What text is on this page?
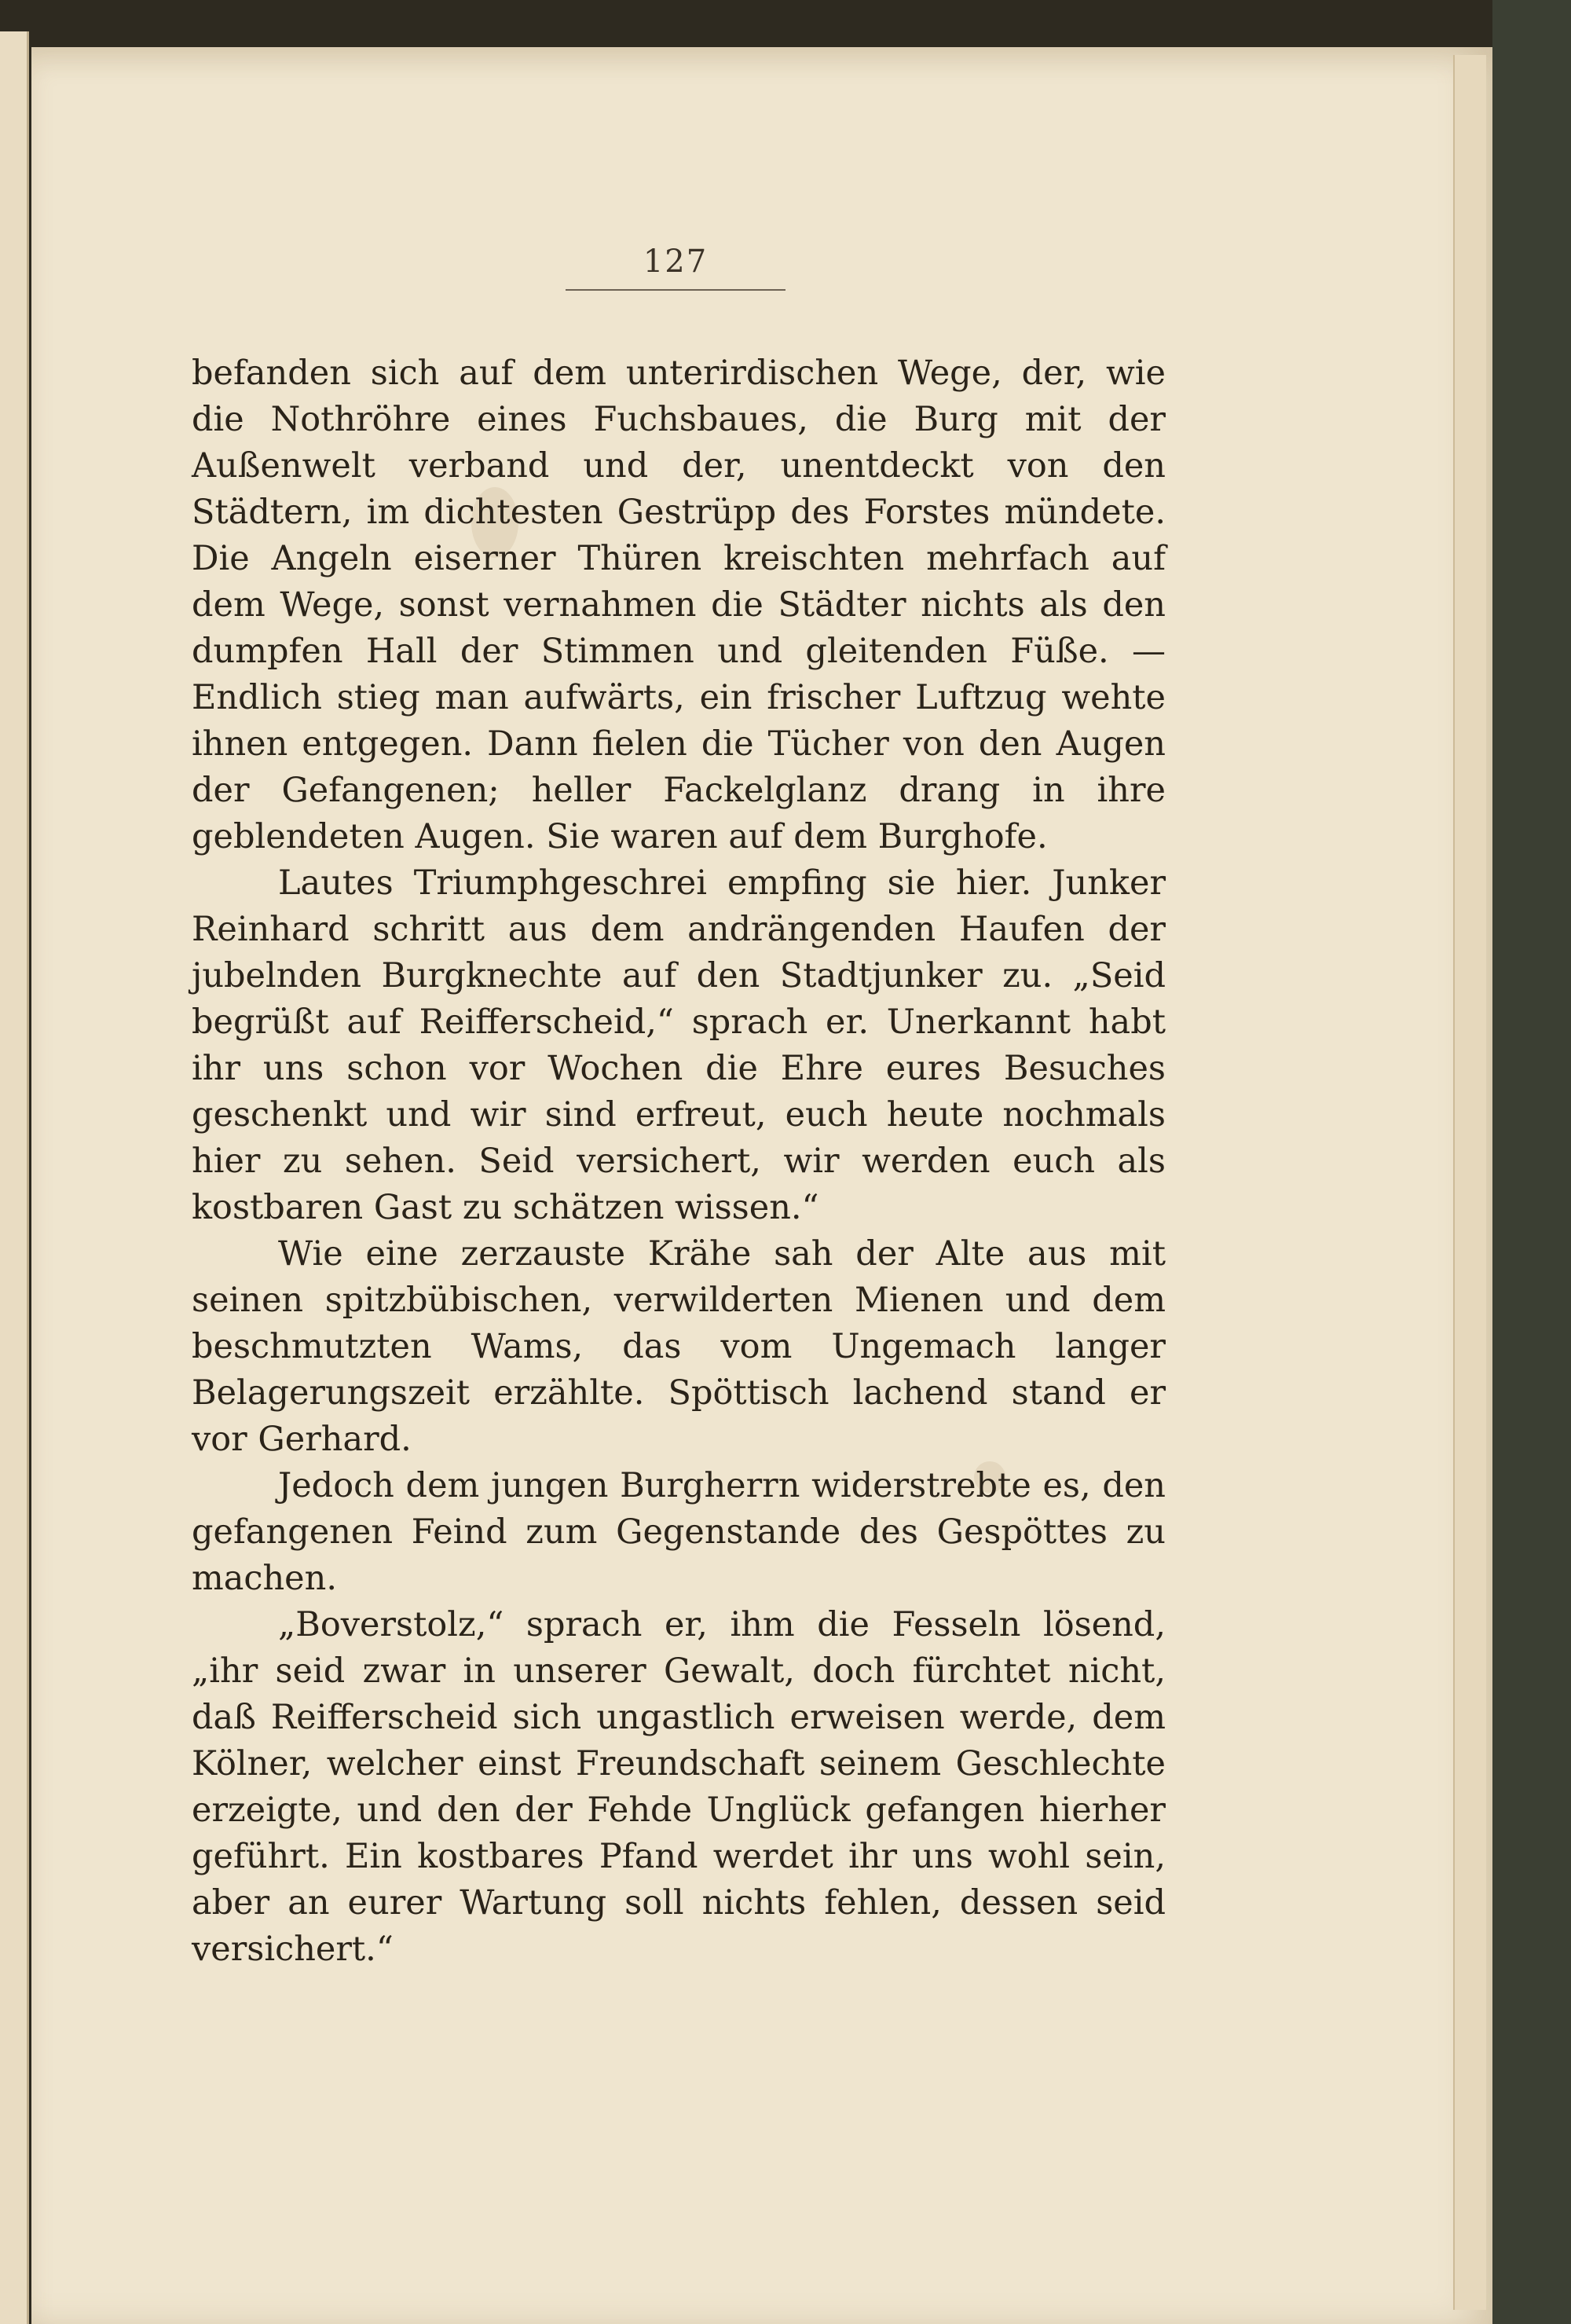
127

befanden sich auf dem unterirdischen Wege, der, wie die Nothröhre eines Fuchsbaues, die Burg mit der Außenwelt verband und der, unentdeckt von den Städtern, im dichtesten Gestrüpp des Forstes mündete. Die Angeln eiserner Thüren kreischten mehrfach auf dem Wege, sonst vernahmen die Städter nichts als den dumpfen Hall der Stimmen und gleitenden Füße. — Endlich stieg man aufwärts, ein frischer Luftzug wehte ihnen entgegen. Dann fielen die Tücher von den Augen der Gefangenen; heller Fackelglanz drang in ihre geblendeten Augen. Sie waren auf dem Burghofe.

Lautes Triumphgeschrei empfing sie hier. Junker Reinhard schritt aus dem andrängenden Haufen der jubelnden Burgknechte auf den Stadtjunker zu. „Seid begrüßt auf Reifferscheid,“ sprach er. Unerkannt habt ihr uns schon vor Wochen die Ehre eures Besuches geschenkt und wir sind erfreut, euch heute nochmals hier zu sehen. Seid versichert, wir werden euch als kostbaren Gast zu schätzen wissen.“

Wie eine zerzauste Krähe sah der Alte aus mit seinen spitzbübischen, verwilderten Mienen und dem beschmutzten Wams, das vom Ungemach langer Belagerungszeit erzählte. Spöttisch lachend stand er vor Gerhard.

Jedoch dem jungen Burgherrn widerstrebte es, den gefangenen Feind zum Gegenstande des Gespöttes zu machen.

„Boverstolz,“ sprach er, ihm die Fesseln lösend, „ihr seid zwar in unserer Gewalt, doch fürchtet nicht, daß Reifferscheid sich ungastlich erweisen werde, dem Kölner, welcher einst Freundschaft seinem Geschlechte erzeigte, und den der Fehde Unglück gefangen hierher geführt. Ein kostbares Pfand werdet ihr uns wohl sein, aber an eurer Wartung soll nichts fehlen, dessen seid versichert.“
